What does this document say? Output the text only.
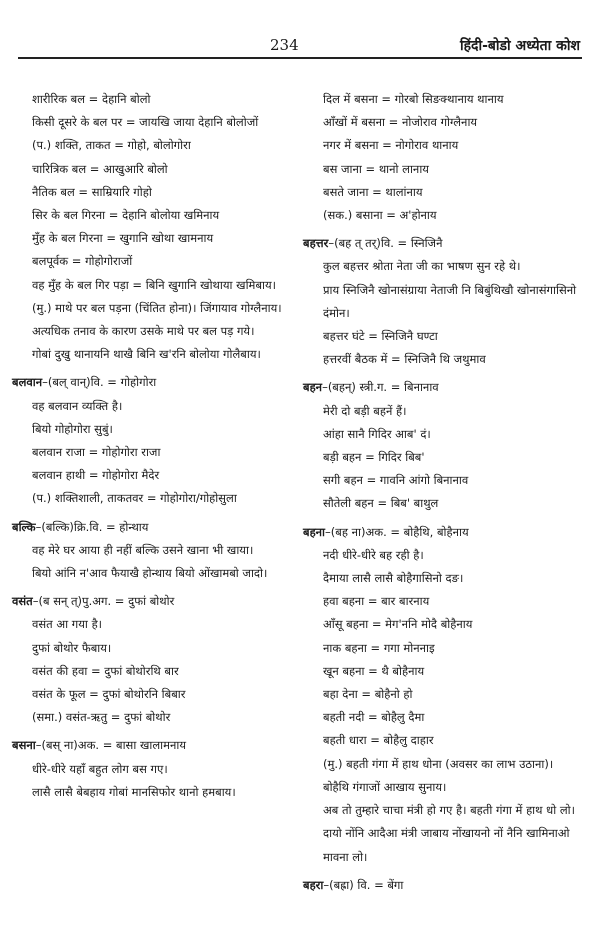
234	हिंदी-बोडो अध्येता कोश

शारीरिक बल = देहानि बोलो

किसी दूसरे के बल पर = जायखि जाया देहानि बोलोजों

(प.) शक्ति, ताकत = गोहो, बोलोगोरा

चारित्रिक बल = आखुआरि बोलो

नैतिक बल = साम्रियारि गोहो

सिर के बल गिरना = देहानि बोलोया खमिनाय

मुँह के बल गिरना = खुगानि खोथा खामनाय

बलपूर्वक = गोहोगोराजों

वह मुँह के बल गिर पड़ा = बिनि खुगानि खोथाया खमिबाय।

(मु.) माथे पर बल पड़ना (चिंतित होना)। जिंगायाव गोग्लैनाय।

अत्यधिक तनाव के कारण उसके माथे पर बल पड़ गये।

गोबां दुखु थानायनि थाखै बिनि ख'रनि बोलोया गोलैबाय।

बलवान–(बल् वान्)वि. = गोहोगोरा

वह बलवान व्यक्ति है।

बियो गोहोगोरा सुबुं।

बलवान राजा = गोहोगोरा राजा

बलवान हाथी = गोहोगोरा मैदेर

(प.) शक्तिशाली, ताकतवर = गोहोगोरा/गोहोसुला

बल्कि–(बल्कि)क्रि.वि. = होन्थाय

वह मेरे घर आया ही नहीं बल्कि उसने खाना भी खाया।

बियो आंनि न'आव फैयाखै होन्थाय बियो ओंखामबो जादो।

वसंत–(ब सन् त्)पु.अग. = दुफां बोथोर

वसंत आ गया है।

दुफां बोथोर फैबाय।

वसंत की हवा = दुफां बोथोरथि बार

वसंत के फूल = दुफां बोथोरनि बिबार

(समा.) वसंत-ऋतु = दुफां बोथोर

बसना–(बस् ना)अक. = बासा खालामनाय

धीरे-धीरे यहाँ बहुत लोग बस गए।

लासै लासै बेबहाय गोबां मानसिफोर थानो हमबाय।

दिल में बसना = गोरबो सिङक्थानाय थानाय

आँखों में बसना = नोजोराव गोग्लैनाय

नगर में बसना = नोगोराव थानाय

बस जाना = थानो लानाय

बसते जाना = थालांनाय

(सक.) बसाना = अ'होनाय

बहत्तर–(बह त् तर्)वि. = स्निजिनै

कुल बहत्तर श्रोता नेता जी का भाषण सुन रहे थे।

प्राय स्निजिनै खोनासंग्राया नेताजी नि बिबुंथिखौ खोनासंगासिनो दंमोन।

बहत्तर घंटे = स्निजिनै घण्टा

हत्तरवीं बैठक में = स्निजिनै थि जथुमाव

बहन–(बहन्) स्त्री.ग. = बिनानाव

मेरी दो बड़ी बहनें हैं।

आंहा सानै गिदिर आब' दं।

बड़ी बहन = गिदिर बिब'

सगी बहन = गावनि आंगो बिनानाव

सौतेली बहन = बिब' बाथुल

बहना–(बह ना)अक. = बोहैथि, बोहैनाय

नदी धीरे-धीरे बह रही है।

दैमाया लासै लासै बोहैगासिनो दङ।

हवा बहना = बार बारनाय

आँसू बहना = मेग'ननि मोदै बोहैनाय

नाक बहना = गगा मोननाइ

खून बहना = थै बोहैनाय

बहा देना = बोहैनो हो

बहती नदी = बोहैलु दैमा

बहती धारा = बोहैलु दाहार

(मु.) बहती गंगा में हाथ धोना (अवसर का लाभ उठाना)।

बोहैथि गंगाजों आखाय सुनाय।

अब तो तुम्हारे चाचा मंत्री हो गए है। बहती गंगा में हाथ धो लो।

दायो नोंनि आदैआ मंत्री जाबाय नोंखायनो नों नैनि खामिनाओ मावना लो।

बहरा–(बह्रा) वि. = बेंगा
